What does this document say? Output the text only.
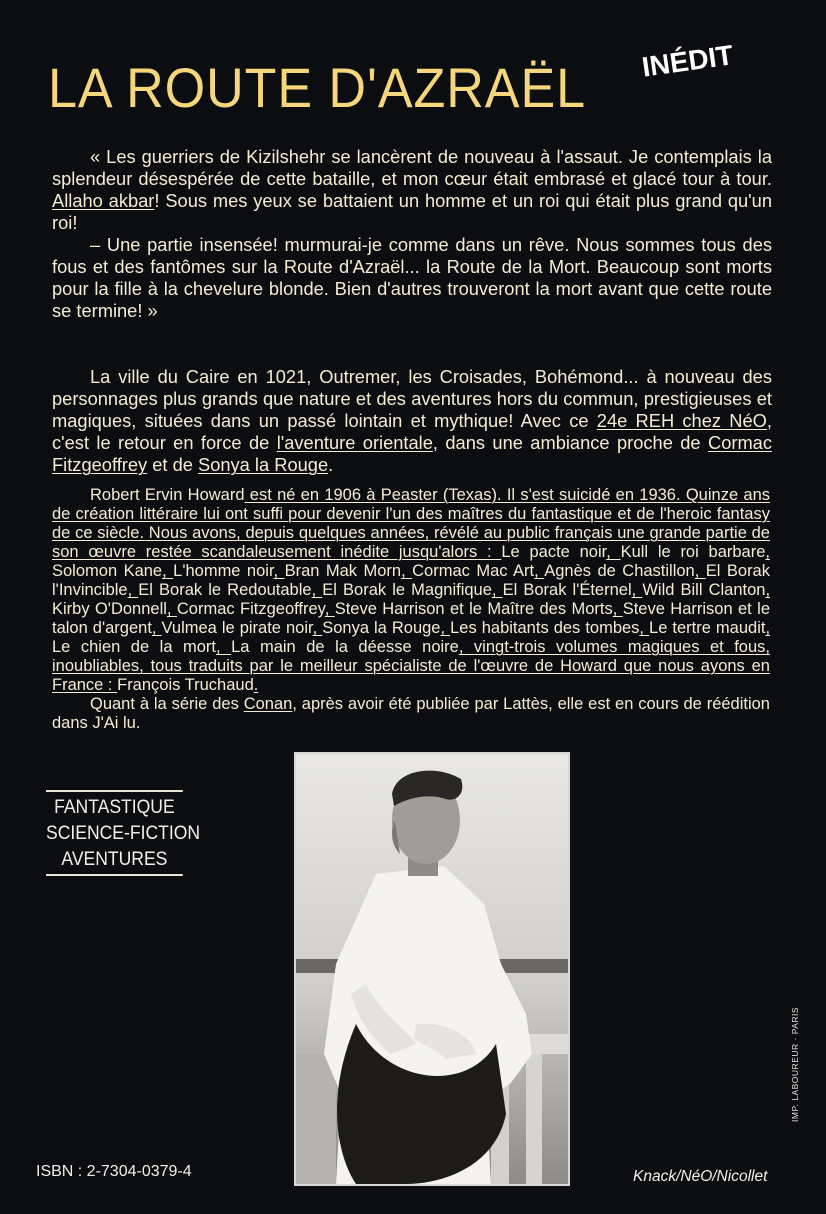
LA ROUTE D'AZRAËL INÉDIT

« Les guerriers de Kizilshehr se lancèrent de nouveau à l'assaut. Je contemplais la splendeur désespérée de cette bataille, et mon cœur était embrasé et glacé tour à tour. Allaho akbar! Sous mes yeux se battaient un homme et un roi qui était plus grand qu'un roi!

– Une partie insensée! murmurai-je comme dans un rêve. Nous sommes tous des fous et des fantômes sur la Route d'Azraël... la Route de la Mort. Beaucoup sont morts pour la fille à la chevelure blonde. Bien d'autres trouveront la mort avant que cette route se termine! »

La ville du Caire en 1021, Outremer, les Croisades, Bohémond... à nouveau des personnages plus grands que nature et des aventures hors du commun, prestigieuses et magiques, situées dans un passé lointain et mythique! Avec ce 24e REH chez NéO, c'est le retour en force de l'aventure orientale, dans une ambiance proche de Cormac Fitzgeoffrey et de Sonya la Rouge.

Robert Ervin Howard est né en 1906 à Peaster (Texas). Il s'est suicidé en 1936. Quinze ans de création littéraire lui ont suffi pour devenir l'un des maîtres du fantastique et de l'heroic fantasy de ce siècle. Nous avons, depuis quelques années, révélé au public français une grande partie de son œuvre restée scandaleusement inédite jusqu'alors : Le pacte noir, Kull le roi barbare, Solomon Kane, L'homme noir, Bran Mak Morn, Cormac Mac Art, Agnès de Chastillon, El Borak l'Invincible, El Borak le Redoutable, El Borak le Magnifique, El Borak l'Éternel, Wild Bill Clanton, Kirby O'Donnell, Cormac Fitzgeoffrey, Steve Harrison et le Maître des Morts, Steve Harrison et le talon d'argent, Vulmea le pirate noir, Sonya la Rouge, Les habitants des tombes, Le tertre maudit, Le chien de la mort, La main de la déesse noire, vingt-trois volumes magiques et fous, inoubliables, tous traduits par le meilleur spécialiste de l'œuvre de Howard que nous ayons en France : François Truchaud.

Quant à la série des Conan, après avoir été publiée par Lattès, elle est en cours de réédition dans J'Ai lu.

FANTASTIQUE
SCIENCE-FICTION
AVENTURES
ISBN : 2-7304-0379-4	Knack/NéO/Nicollet
IMP. LABOUREUR · PARIS
